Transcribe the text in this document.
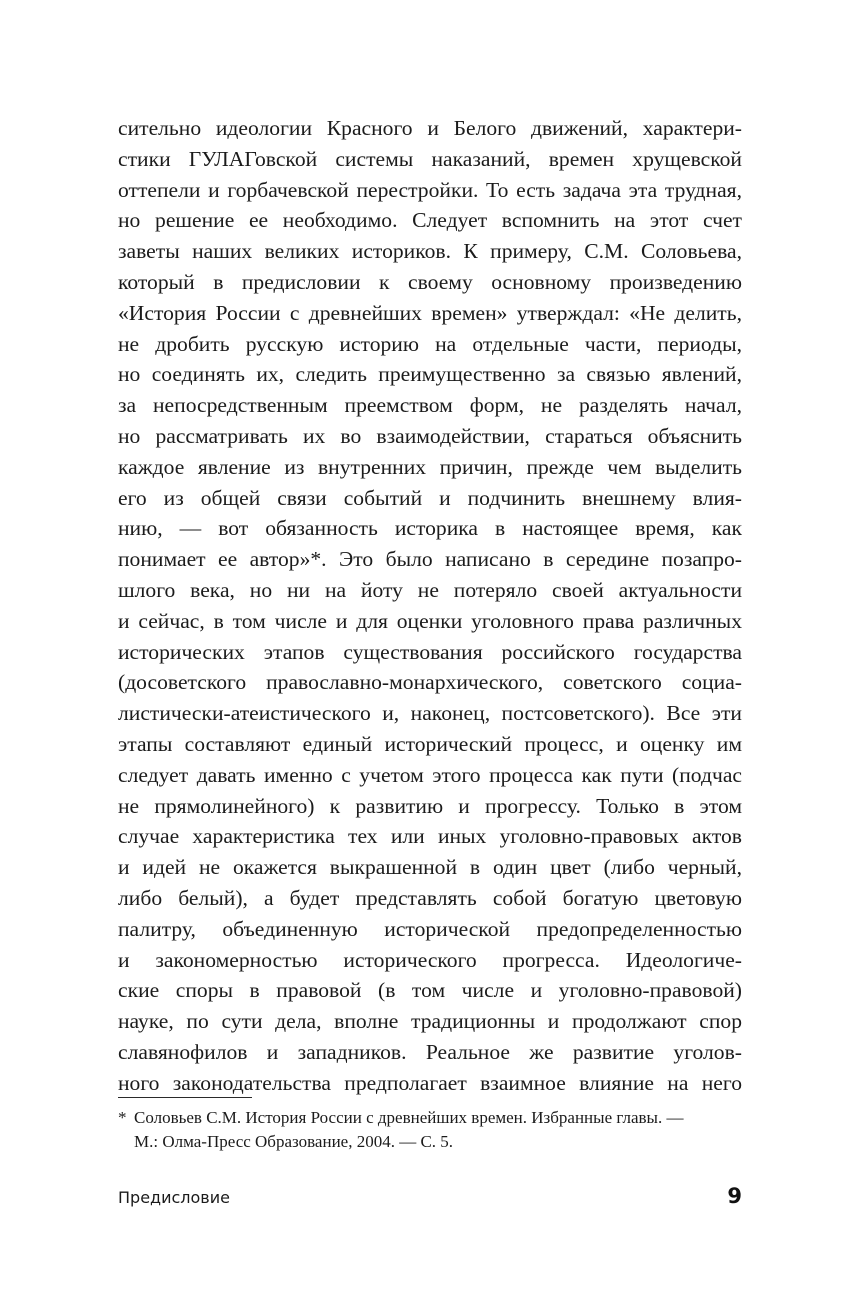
сительно идеологии Красного и Белого движений, характери-
стики ГУЛАГовской системы наказаний, времен хрущевской
оттепели и горбачевской перестройки. То есть задача эта трудная,
но решение ее необходимо. Следует вспомнить на этот счет
заветы наших великих историков. К примеру, С.М. Соловьева,
который в предисловии к своему основному произведению
«История России с древнейших времен» утверждал: «Не делить,
не дробить русскую историю на отдельные части, периоды,
но соединять их, следить преимущественно за связью явлений,
за непосредственным преемством форм, не разделять начал,
но рассматривать их во взаимодействии, стараться объяснить
каждое явление из внутренних причин, прежде чем выделить
его из общей связи событий и подчинить внешнему влия-
нию, — вот обязанность историка в настоящее время, как
понимает ее автор»*. Это было написано в середине позапро-
шлого века, но ни на йоту не потеряло своей актуальности
и сейчас, в том числе и для оценки уголовного права различных
исторических этапов существования российского государства
(досоветского православно-монархического, советского социа-
листически-атеистического и, наконец, постсоветского). Все эти
этапы составляют единый исторический процесс, и оценку им
следует давать именно с учетом этого процесса как пути (подчас
не прямолинейного) к развитию и прогрессу. Только в этом
случае характеристика тех или иных уголовно-правовых актов
и идей не окажется выкрашенной в один цвет (либо черный,
либо белый), а будет представлять собой богатую цветовую
палитру, объединенную исторической предопределенностью
и закономерностью исторического прогресса. Идеологиче-
ские споры в правовой (в том числе и уголовно-правовой)
науке, по сути дела, вполне традиционны и продолжают спор
славянофилов и западников. Реальное же развитие уголов-
ного законодательства предполагает взаимное влияние на него
* Соловьев С.М. История России с древнейших времен. Избранные главы. —
М.: Олма-Пресс Образование, 2004. — С. 5.
Предисловие	9
